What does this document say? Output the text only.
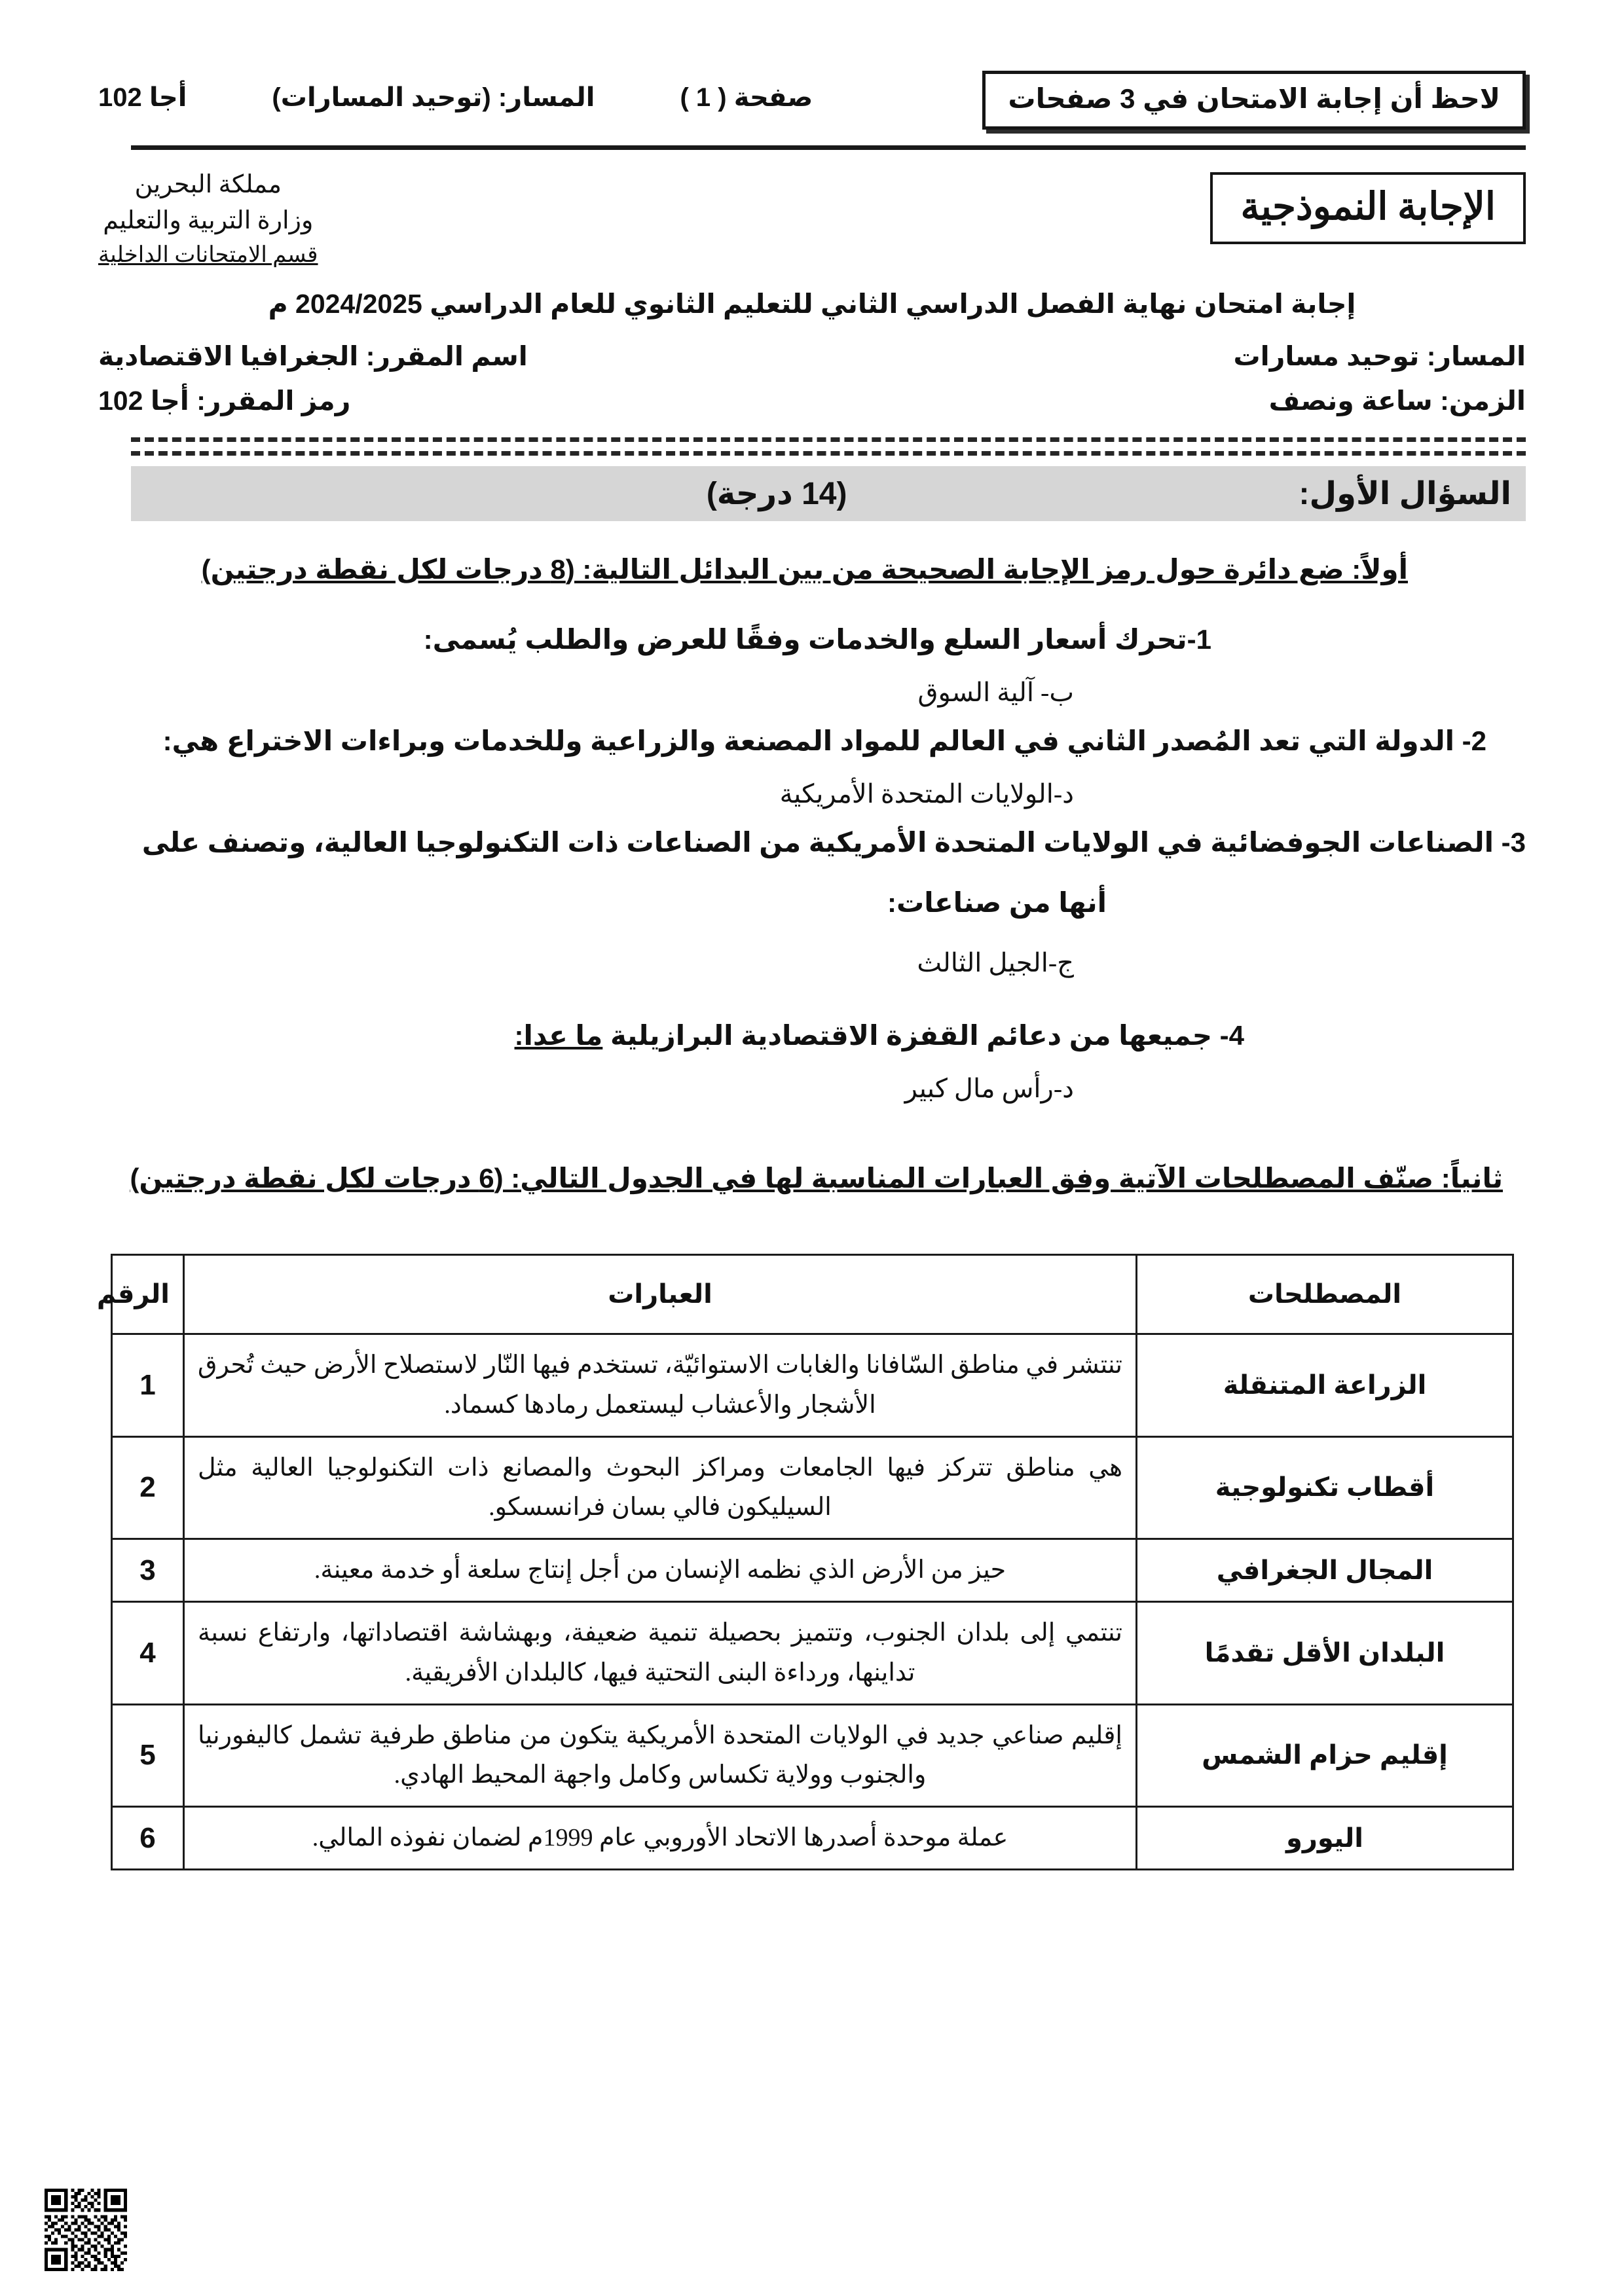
لاحظ أن إجابة الامتحان في 3 صفحات
صفحة ( 1 )
المسار: (توحيد المسارات)
أجا 102
الإجابة النموذجية
مملكة البحرين
وزارة التربية والتعليم
قسم الامتحانات الداخلية
إجابة امتحان نهاية الفصل الدراسي الثاني للتعليم الثانوي للعام الدراسي 2024/2025 م
المسار: توحيد مسارات
اسم المقرر: الجغرافيا الاقتصادية
الزمن: ساعة ونصف
رمز المقرر: أجا 102
السؤال الأول:
(14 درجة)
أولاً: ضع دائرة حول رمز الإجابة الصحيحة من بين البدائل التالية: (8 درجات لكل نقطة درجتين)
1-تحرك أسعار السلع والخدمات وفقًا للعرض والطلب يُسمى:
ب- آلية السوق
2- الدولة التي تعد المُصدر الثاني في العالم للمواد المصنعة والزراعية وللخدمات وبراءات الاختراع هي:
د-الولايات المتحدة الأمريكية
3- الصناعات الجوفضائية في الولايات المتحدة الأمريكية من الصناعات ذات التكنولوجيا العالية، وتصنف على
أنها من صناعات:
ج-الجيل الثالث
4- جميعها من دعائم القفزة الاقتصادية البرازيلية ما عدا:
د-رأس مال كبير
ثانياً: صنّف المصطلحات الآتية وفق العبارات المناسبة لها في الجدول التالي: (6 درجات لكل نقطة درجتين)
المصطلحات	العبارات	الرقم
الزراعة المتنقلة	تنتشر في مناطق السّافانا والغابات الاستوائيّة، تستخدم فيها النّار لاستصلاح الأرض حيث تُحرق الأشجار والأعشاب ليستعمل رمادها كسماد.	1
أقطاب تكنولوجية	هي مناطق تتركز فيها الجامعات ومراكز البحوث والمصانع ذات التكنولوجيا العالية مثل السيليكون فالي بسان فرانسسكو.	2
المجال الجغرافي	حيز من الأرض الذي نظمه الإنسان من أجل إنتاج سلعة أو خدمة معينة.	3
البلدان الأقل تقدمًا	تنتمي إلى بلدان الجنوب، وتتميز بحصيلة تنمية ضعيفة، وبهشاشة اقتصاداتها، وارتفاع نسبة تداينها، ورداءة البنى التحتية فيها، كالبلدان الأفريقية.	4
إقليم حزام الشمس	إقليم صناعي جديد في الولايات المتحدة الأمريكية يتكون من مناطق طرفية تشمل كاليفورنيا والجنوب وولاية تكساس وكامل واجهة المحيط الهادي.	5
اليورو	عملة موحدة أصدرها الاتحاد الأوروبي عام 1999م لضمان نفوذه المالي.	6
